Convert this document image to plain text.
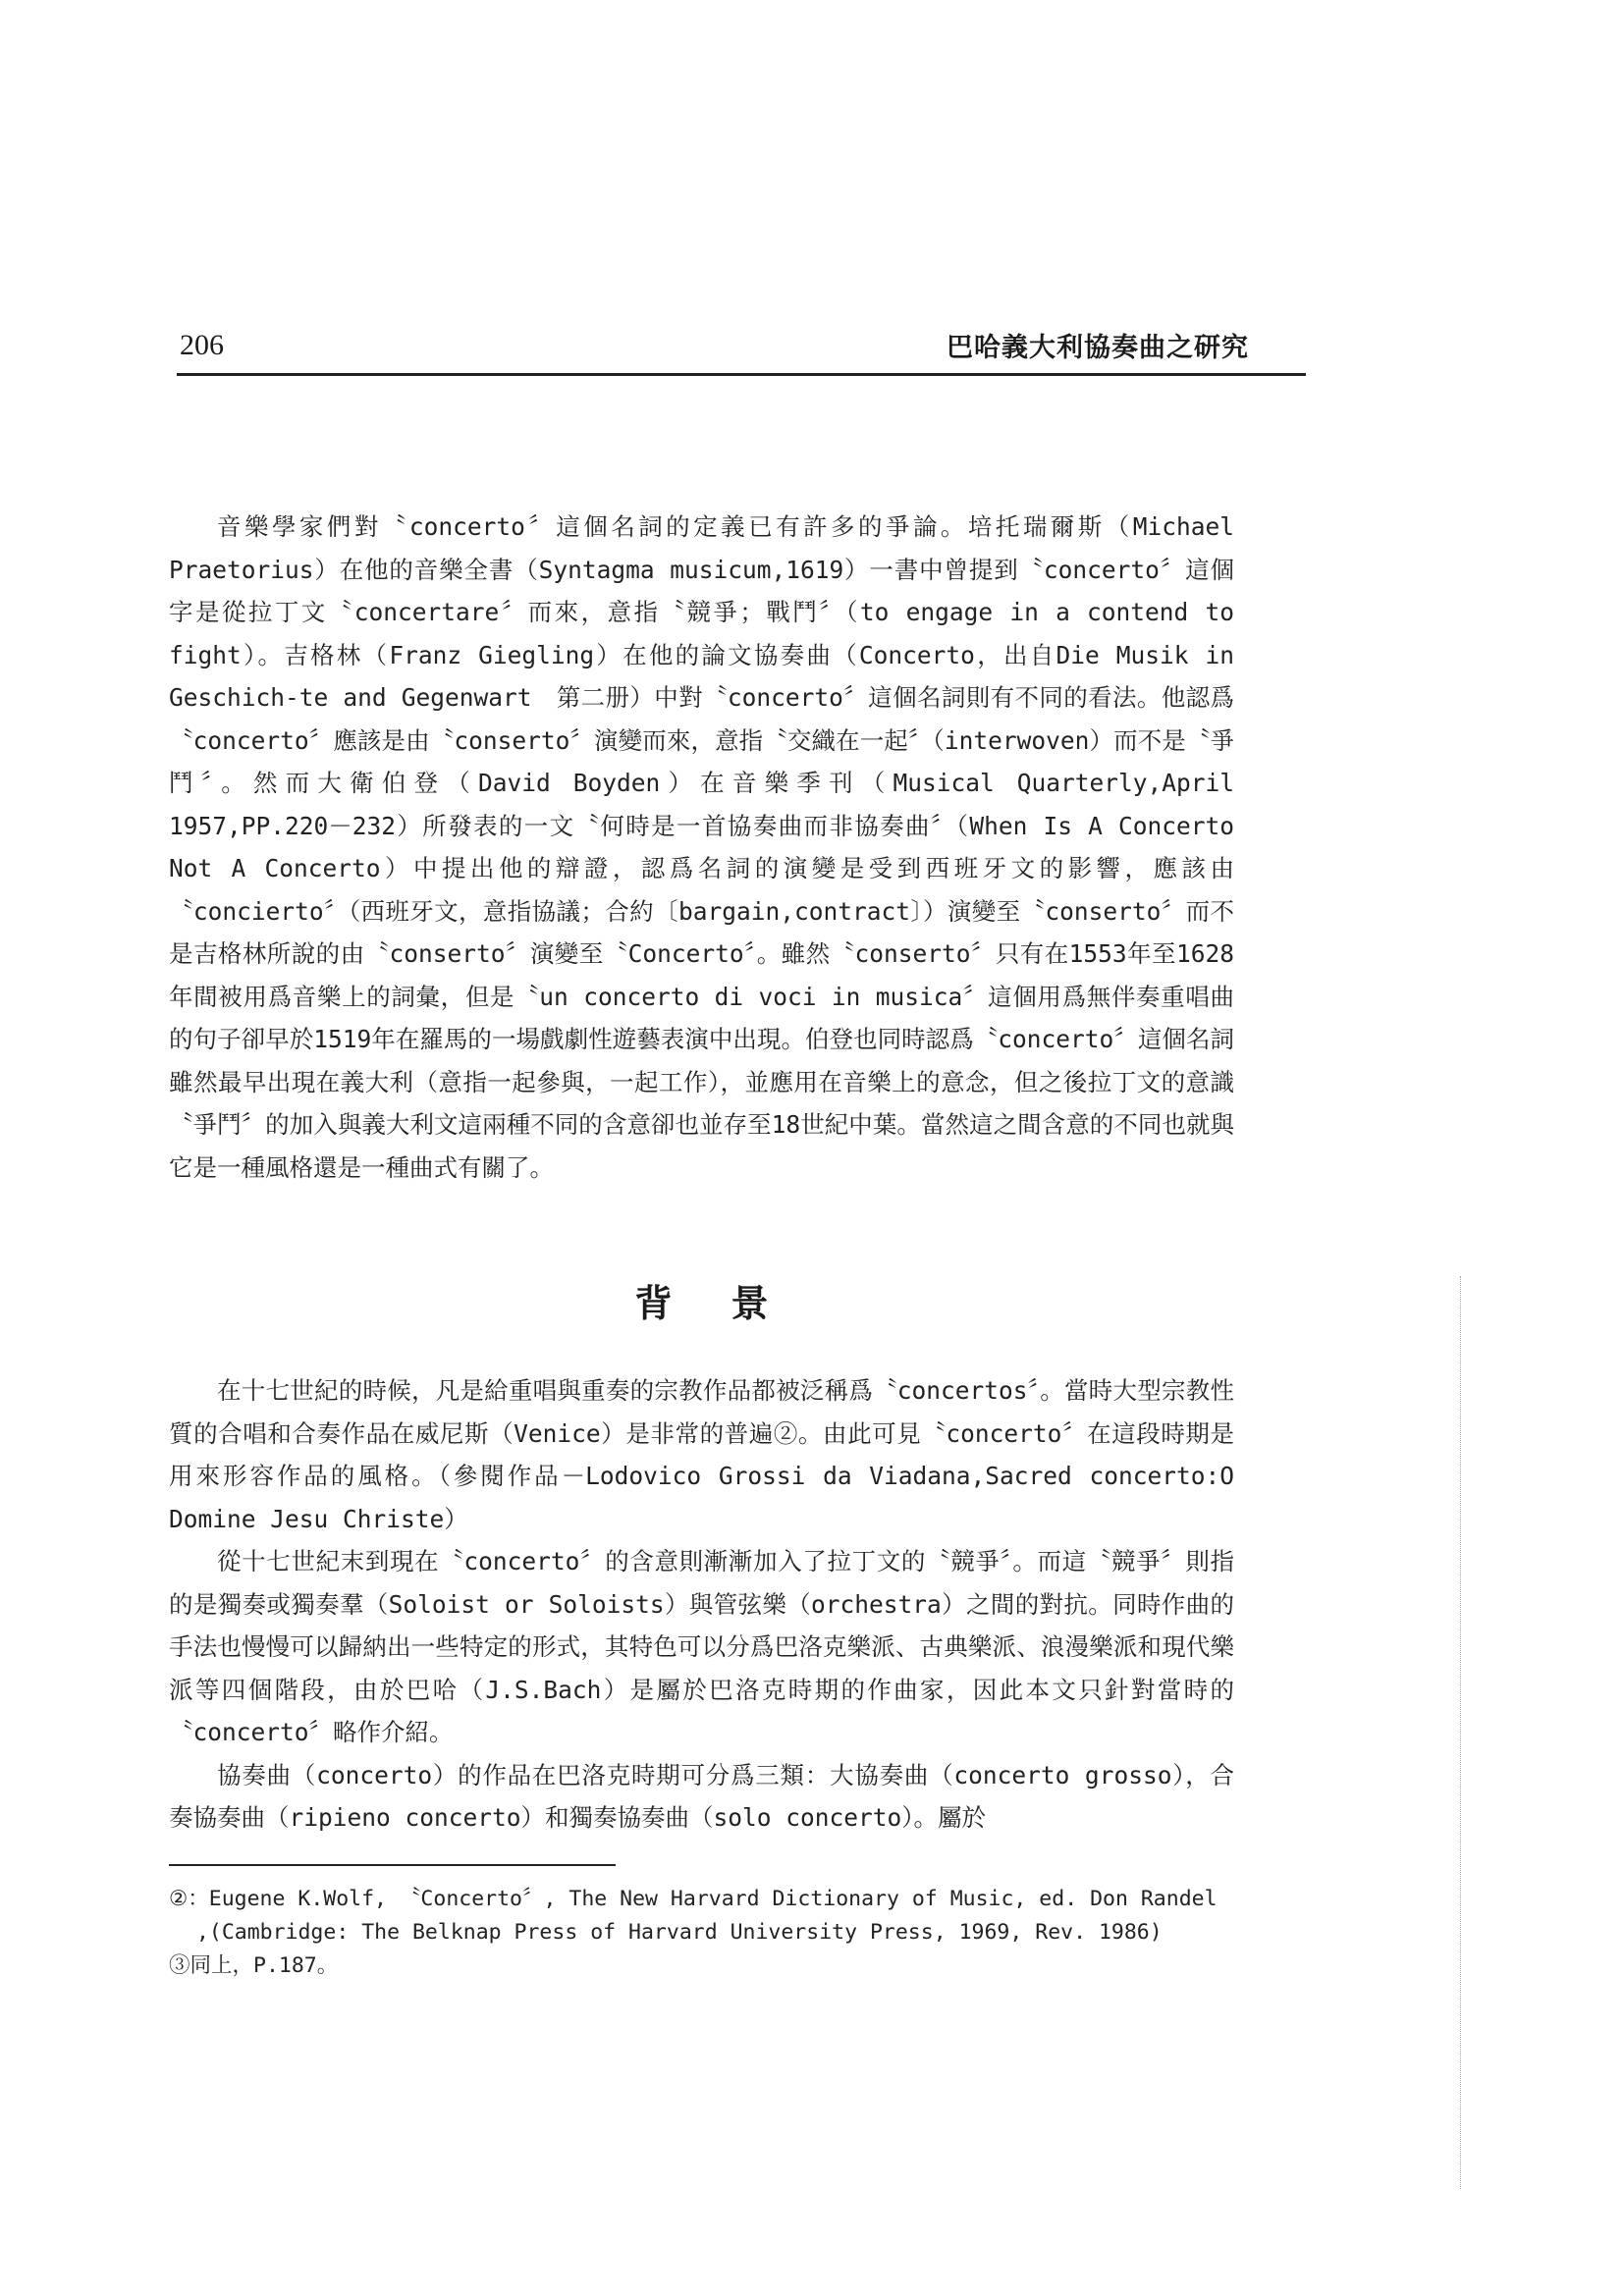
206	巴哈義大利協奏曲之研究

音樂學家們對〝concerto〞這個名詞的定義已有許多的爭論。培托瑞爾斯（Michael Praetorius）在他的音樂全書（Syntagma musicum,1619）一書中曾提到〝concerto〞這個字是從拉丁文〝concertare〞而來，意指〝競爭；戰鬥〞（to engage in a contend to fight）。吉格林（Franz Giegling）在他的論文協奏曲（Concerto，出自Die Musik in Geschich-te and Gegenwart　第二册）中對〝concerto〞這個名詞則有不同的看法。他認爲〝concerto〞應該是由〝conserto〞演變而來，意指〝交織在一起〞（interwoven）而不是〝爭鬥〞。然而大衛伯登（David Boyden）在音樂季刊（Musical Quarterly,April 1957,PP.220－232）所發表的一文〝何時是一首協奏曲而非協奏曲〞（When Is A Concerto Not A Concerto）中提出他的辯證，認爲名詞的演變是受到西班牙文的影響，應該由〝concierto〞（西班牙文，意指協議；合約〔bargain,contract〕）演變至〝conserto〞而不是吉格林所說的由〝conserto〞演變至〝Concerto〞。雖然〝conserto〞只有在1553年至1628年間被用爲音樂上的詞彙，但是〝un concerto di voci in musica〞這個用爲無伴奏重唱曲的句子卻早於1519年在羅馬的一場戲劇性遊藝表演中出現。伯登也同時認爲〝concerto〞這個名詞雖然最早出現在義大利（意指一起參與，一起工作），並應用在音樂上的意念，但之後拉丁文的意識〝爭鬥〞的加入與義大利文這兩種不同的含意卻也並存至18世紀中葉。當然這之間含意的不同也就與它是一種風格還是一種曲式有關了。

背景

在十七世紀的時候，凡是給重唱與重奏的宗教作品都被泛稱爲〝concertos〞。當時大型宗教性質的合唱和合奏作品在威尼斯（Venice）是非常的普遍②。由此可見〝concerto〞在這段時期是用來形容作品的風格。（參閱作品－Lodovico Grossi da Viadana,Sacred concerto:O Domine Jesu Christe）

從十七世紀末到現在〝concerto〞的含意則漸漸加入了拉丁文的〝競爭〞。而這〝競爭〞則指的是獨奏或獨奏羣（Soloist or Soloists）與管弦樂（orchestra）之間的對抗。同時作曲的手法也慢慢可以歸納出一些特定的形式，其特色可以分爲巴洛克樂派、古典樂派、浪漫樂派和現代樂派等四個階段，由於巴哈（J.S.Bach）是屬於巴洛克時期的作曲家，因此本文只針對當時的〝concerto〞略作介紹。

協奏曲（concerto）的作品在巴洛克時期可分爲三類：大協奏曲（concerto grosso），合奏協奏曲（ripieno concerto）和獨奏協奏曲（solo concerto）。屬於

②：Eugene K.Wolf, 〝Concerto〞, The New Harvard Dictionary of Music, ed. Don Randel ,(Cambridge: The Belknap Press of Harvard University Press, 1969, Rev. 1986)

③同上，P.187。
